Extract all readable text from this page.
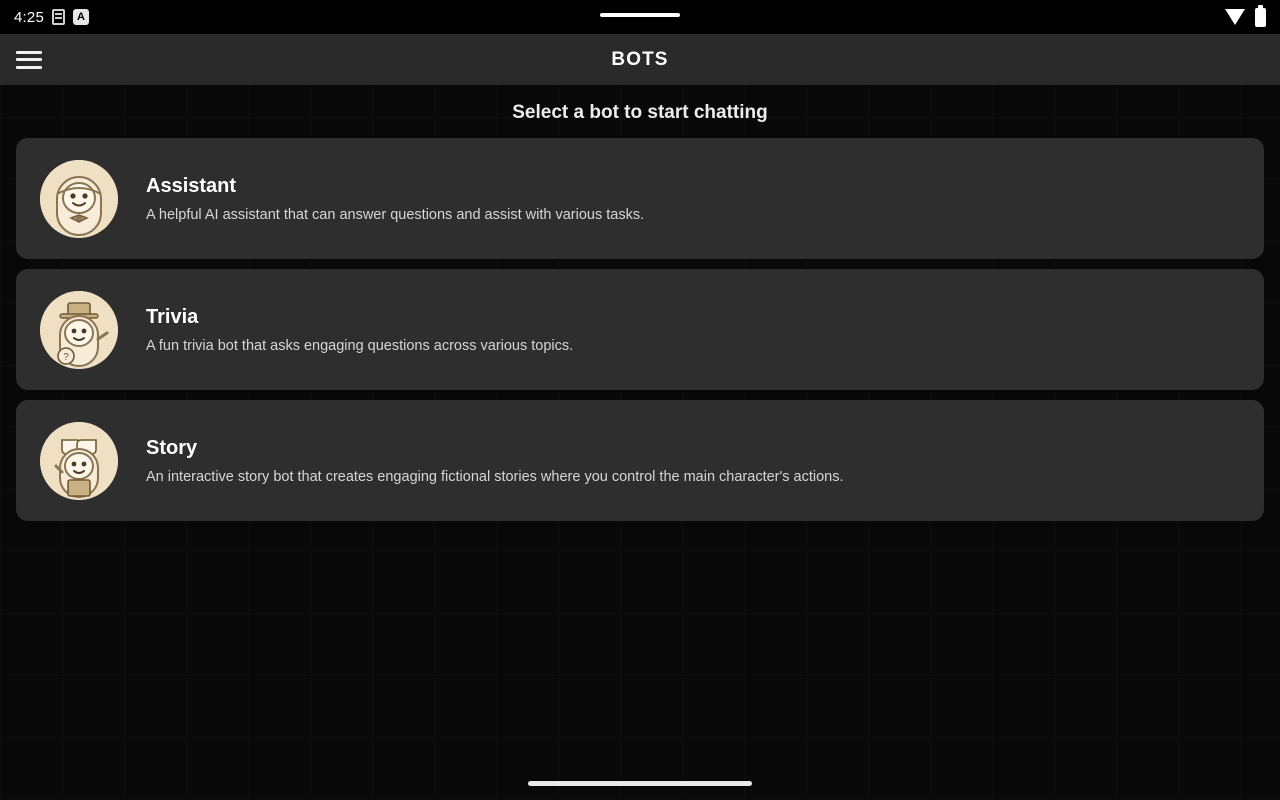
4:25	A
BOTS
Select a bot to start chatting
Assistant
A helpful AI assistant that can answer questions and assist with various tasks.
?
Trivia
A fun trivia bot that asks engaging questions across various topics.
Story
An interactive story bot that creates engaging fictional stories where you control the main character's actions.
